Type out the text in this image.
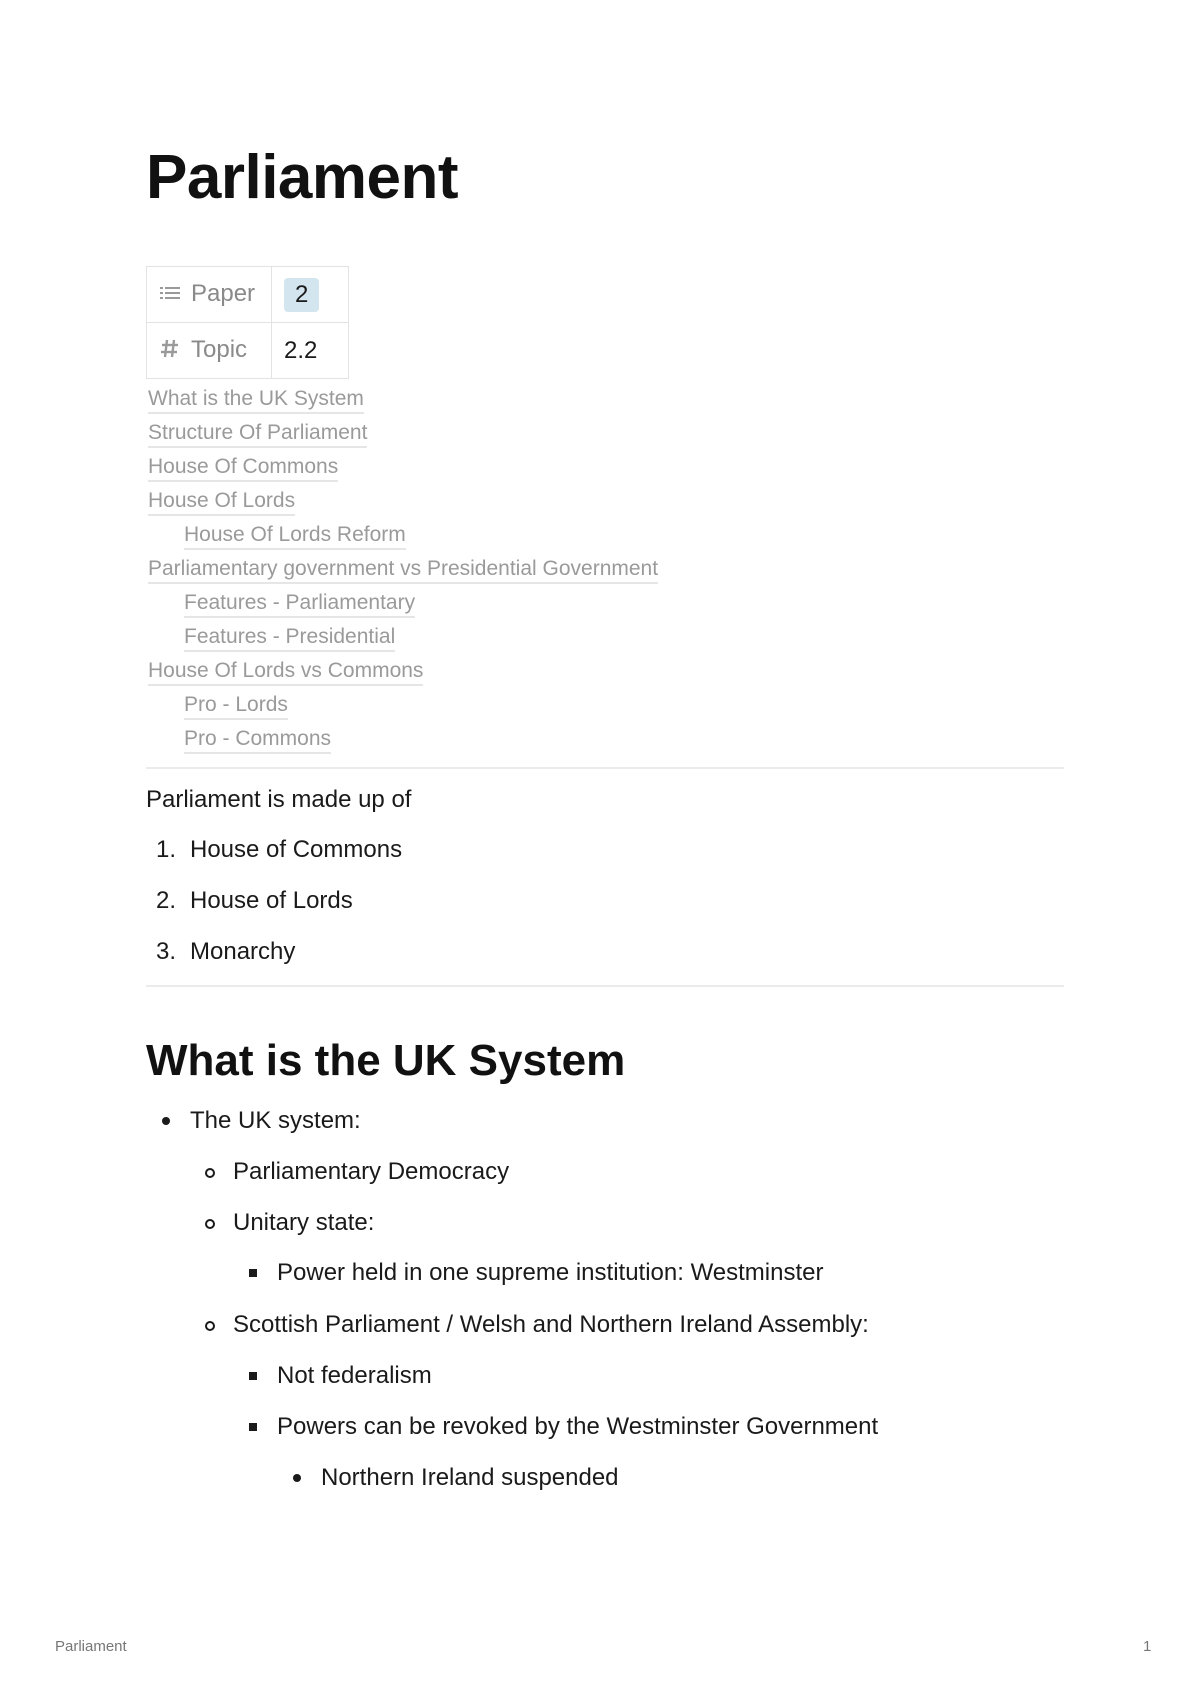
Parliament
Paper	2
Topic	2.2
What is the UK System
Structure Of Parliament
House Of Commons
House Of Lords
House Of Lords Reform
Parliamentary government vs Presidential Government
Features - Parliamentary
Features - Presidential
House Of Lords vs Commons
Pro - Lords
Pro - Commons

Parliament is made up of

1. House of Commons
2. House of Lords
3. Monarchy
What is the UK System
The UK system:
Parliamentary Democracy
Unitary state:
Power held in one supreme institution: Westminster
Scottish Parliament / Welsh and Northern Ireland Assembly:
Not federalism
Powers can be revoked by the Westminster Government
Northern Ireland suspended
Parliament	1
